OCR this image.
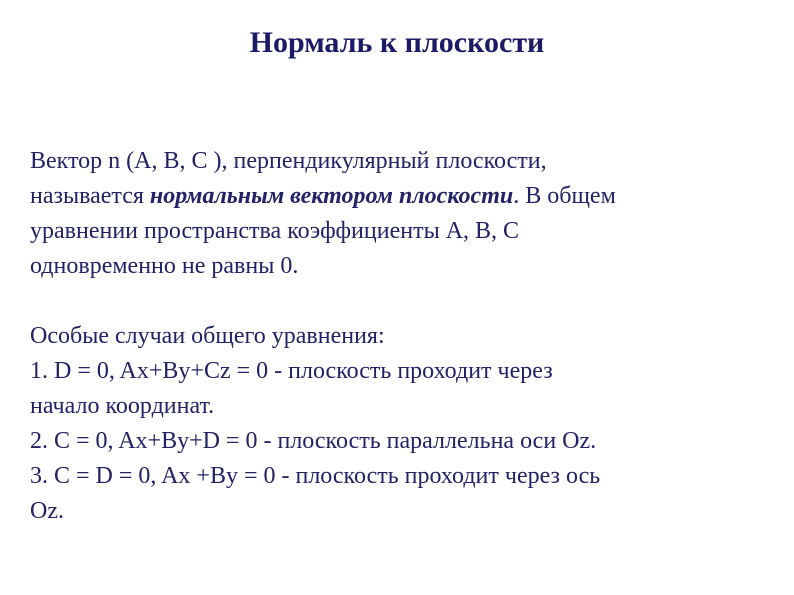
Нормаль к плоскости
Вектор n (A, B, C ), перпендикулярный плоскости,
называется нормальным вектором плоскости. В общем
уравнении пространства коэффициенты A, B, C
одновременно не равны 0.
Особые случаи общего уравнения:
1. D = 0, Ax+By+Cz = 0 - плоскость проходит через
начало координат.
2. C = 0, Ax+By+D = 0 - плоскость параллельна оси Oz.
3. C = D = 0, Ax +By = 0 - плоскость проходит через ось
Oz.
